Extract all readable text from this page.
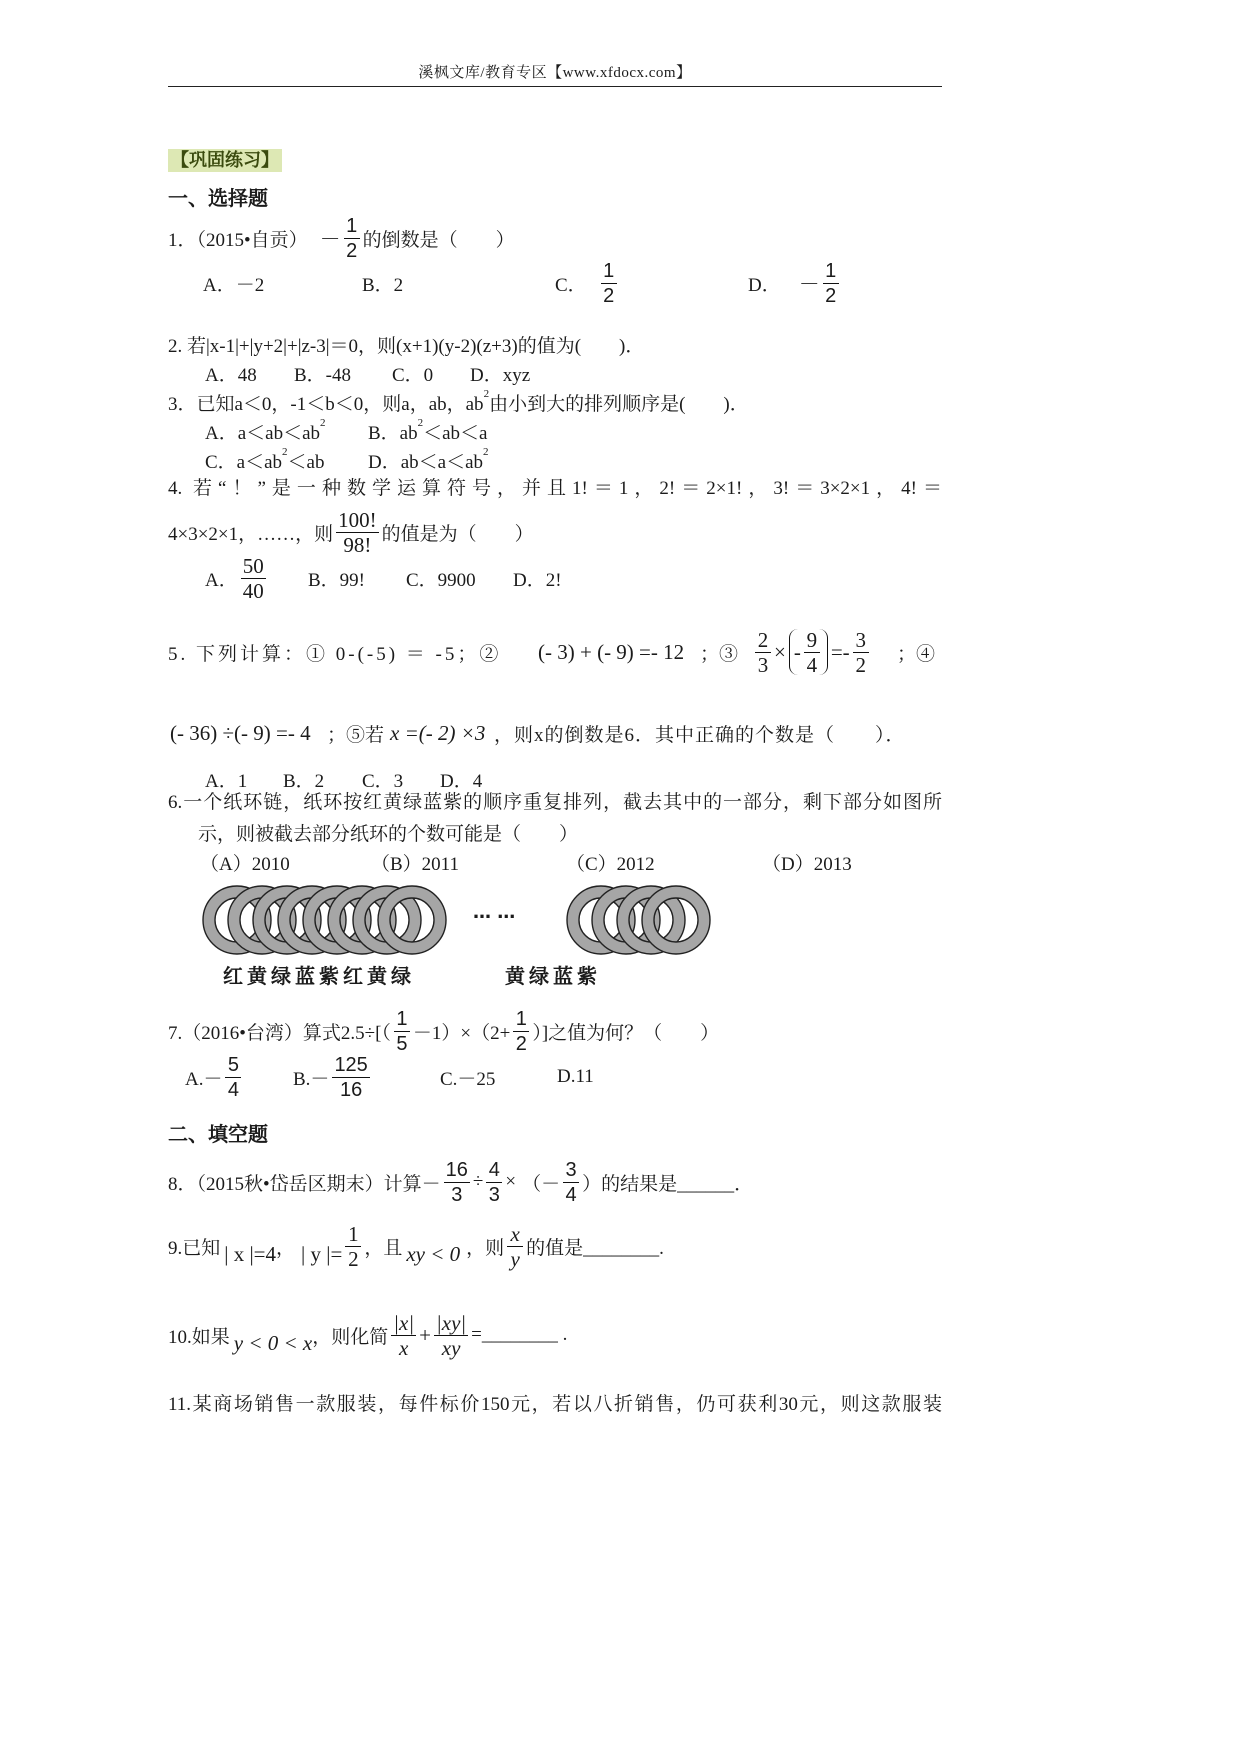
溪枫文库/教育专区【www.xfdocx.com】
【巩固练习】
一、选择题
1．（2015•自贡） － $\frac{1}{2}$ 的倒数是（　　）
A．－2	B．2	C． $\frac{1}{2}$	D． － $\frac{1}{2}$
2. 若|x-1|+|y+2|+|z-3|＝0，则(x+1)(y-2)(z+3)的值为(　　)．
A．48 B．-48 C．0 D．xyz
3．已知a＜0，-1＜b＜0，则a，ab，ab 2 由小到大的排列顺序是(　　)．
A．a＜ab＜ab 2 B．ab 2 ＜ab＜a
C．a＜ab 2 ＜ab D．ab＜a＜ab 2
4. 若“！”是一种数学运算符号，并且1!＝1，2!＝2×1!，3!＝3×2×1，4!＝
4×3×2×1，……，则 $\frac{100!}{98!}$ 的值是为（　　）
A． $\frac{50}{40}$ B．99! C．9900 D．2!
5. 下列计算：① 0-(-5) ＝ -5；② (- 3) + (- 9) =- 12 ；③ $\frac{2}{3}$ × - $\frac{9}{4} =- \frac{3}{2}$ ；④
(- 36) ÷(- 9) =- 4 ；⑤若 x =(- 2) ×3 ，则x的倒数是6．其中正确的个数是（　　）．
A．1 B．2 C．3 D．4
6.一个纸环链，纸环按红黄绿蓝紫的顺序重复排列，截去其中的一部分，剩下部分如图所
示，则被截去部分纸环的个数可能是（　　）
（A）2010	（B）2011	（C）2012	（D）2013
… …
红黄绿蓝紫红黄绿	黄绿蓝紫
7.（2016•台湾）算式$2.5\div[( \frac{1}{5} -1)\times(2+ \frac{1}{2}$ ）]之值为何？（　　）
$A.- \frac{5}{4}$	$B.- \frac{125}{16}$	C.－25	D.11
二、填空题
8．（2015秋•岱岳区期末）计算 － $\frac{16}{3} \div \frac{4}{3}$ × （－ $\frac{3}{4}$ ）的结果是______．
9.已知 | x |=4 ， | y |= $\frac{1}{2}$ ，且 xy < 0 ，则 $\frac{x}{y}$ 的值是________.
10.如果 y < 0 < x ，则化简 $\frac{|x|}{x} + \frac{|xy|}{xy}$ =________ .
11.某商场销售一款服装，每件标价150元，若以八折销售，仍可获利30元，则这款服装
